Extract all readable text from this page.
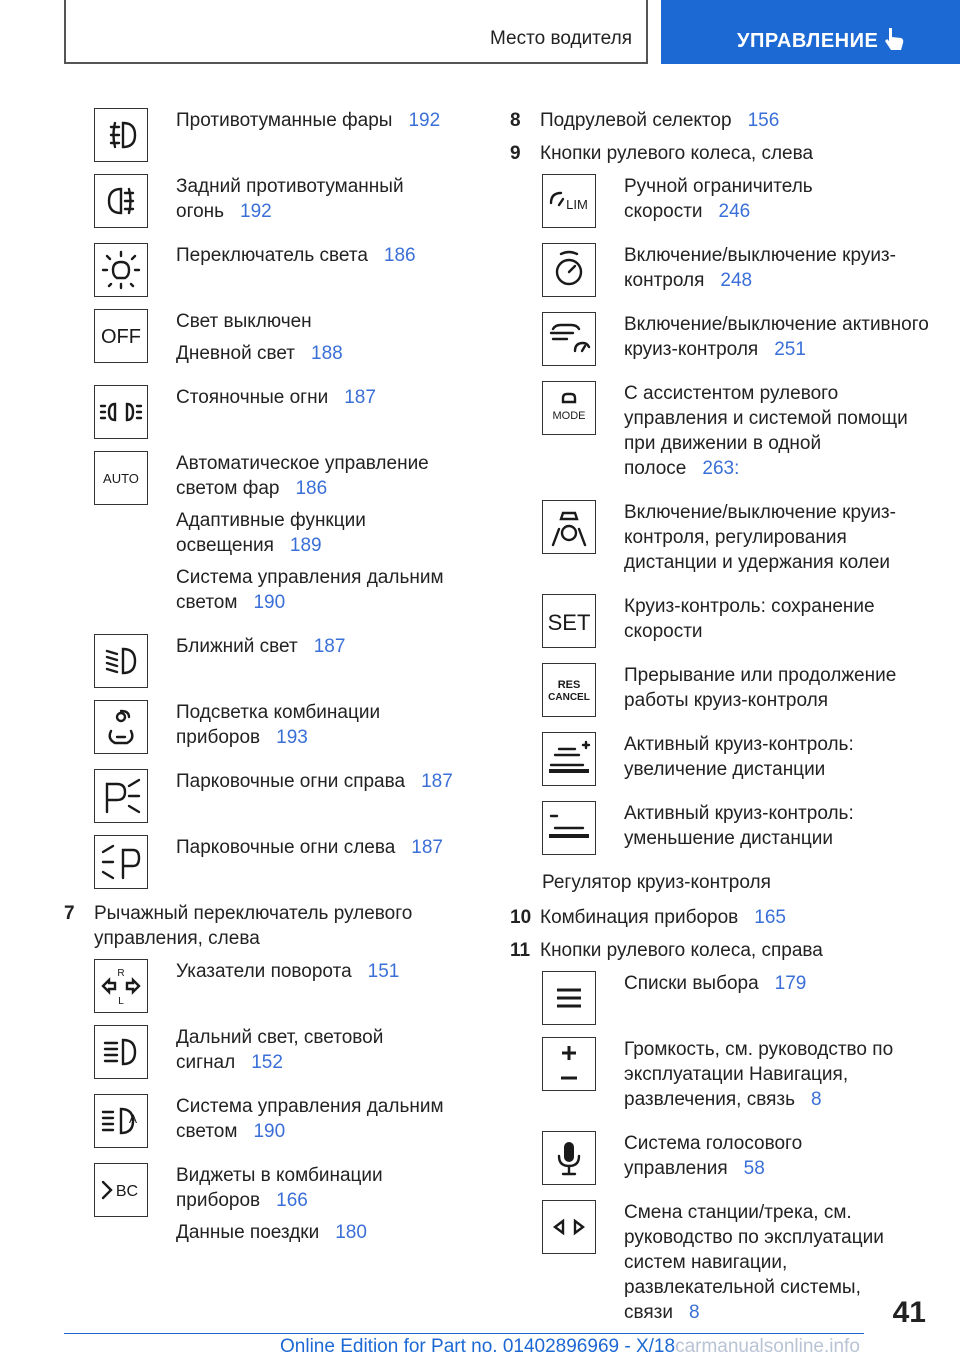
Место водителя	УПРАВЛЕНИЕ
Противотуманные фары 192
Задний противотуманный огонь 192
Переключатель света 186
OFF
Свет выключен
Дневной свет 188
Стояночные огни 187
AUTO
Автоматическое управление светом фар 186
Адаптивные функции освещения 189
Система управления дальним светом 190
Ближний свет 187
Подсветка комбинации приборов 193
Парковочные огни справа 187
Парковочные огни слева 187
7	Рычажный переключатель рулевого управления, слева
R
L
Указатели поворота 151
Дальний свет, световой сигнал 152
A
Система управления дальним светом 190
BC
Виджеты в комбинации приборов 166
Данные поездки 180
8	Подрулевой селектор 156
9	Кнопки рулевого колеса, слева
LIM
Ручной ограничитель скорости 246
Включение/выключение круиз-контроля 248
Включение/выключение активного круиз-контроля 251
MODE
С ассистентом рулевого управления и системой помощи при движении в одной полосе 263:
Включение/выключение круиз-контроля, регулирования дистанции и удержания колеи
SET
Круиз-контроль: сохранение скорости
RES
CANCEL
Прерывание или продолжение работы круиз-контроля
Активный круиз-контроль: увеличение дистанции
Активный круиз-контроль: уменьшение дистанции
Регулятор круиз-контроля
10 Комбинация приборов 165
11 Кнопки рулевого колеса, справа
Списки выбора 179
Громкость, см. руководство по эксплуатации Навигация, развлечения, связь 8
Система голосового управления 58
Смена станции/трека, см. руководство по эксплуатации систем навигации, развлекательной системы, связи 8	41
Online Edition for Part no. 01402896969 - X/18carmanualsonline.info
